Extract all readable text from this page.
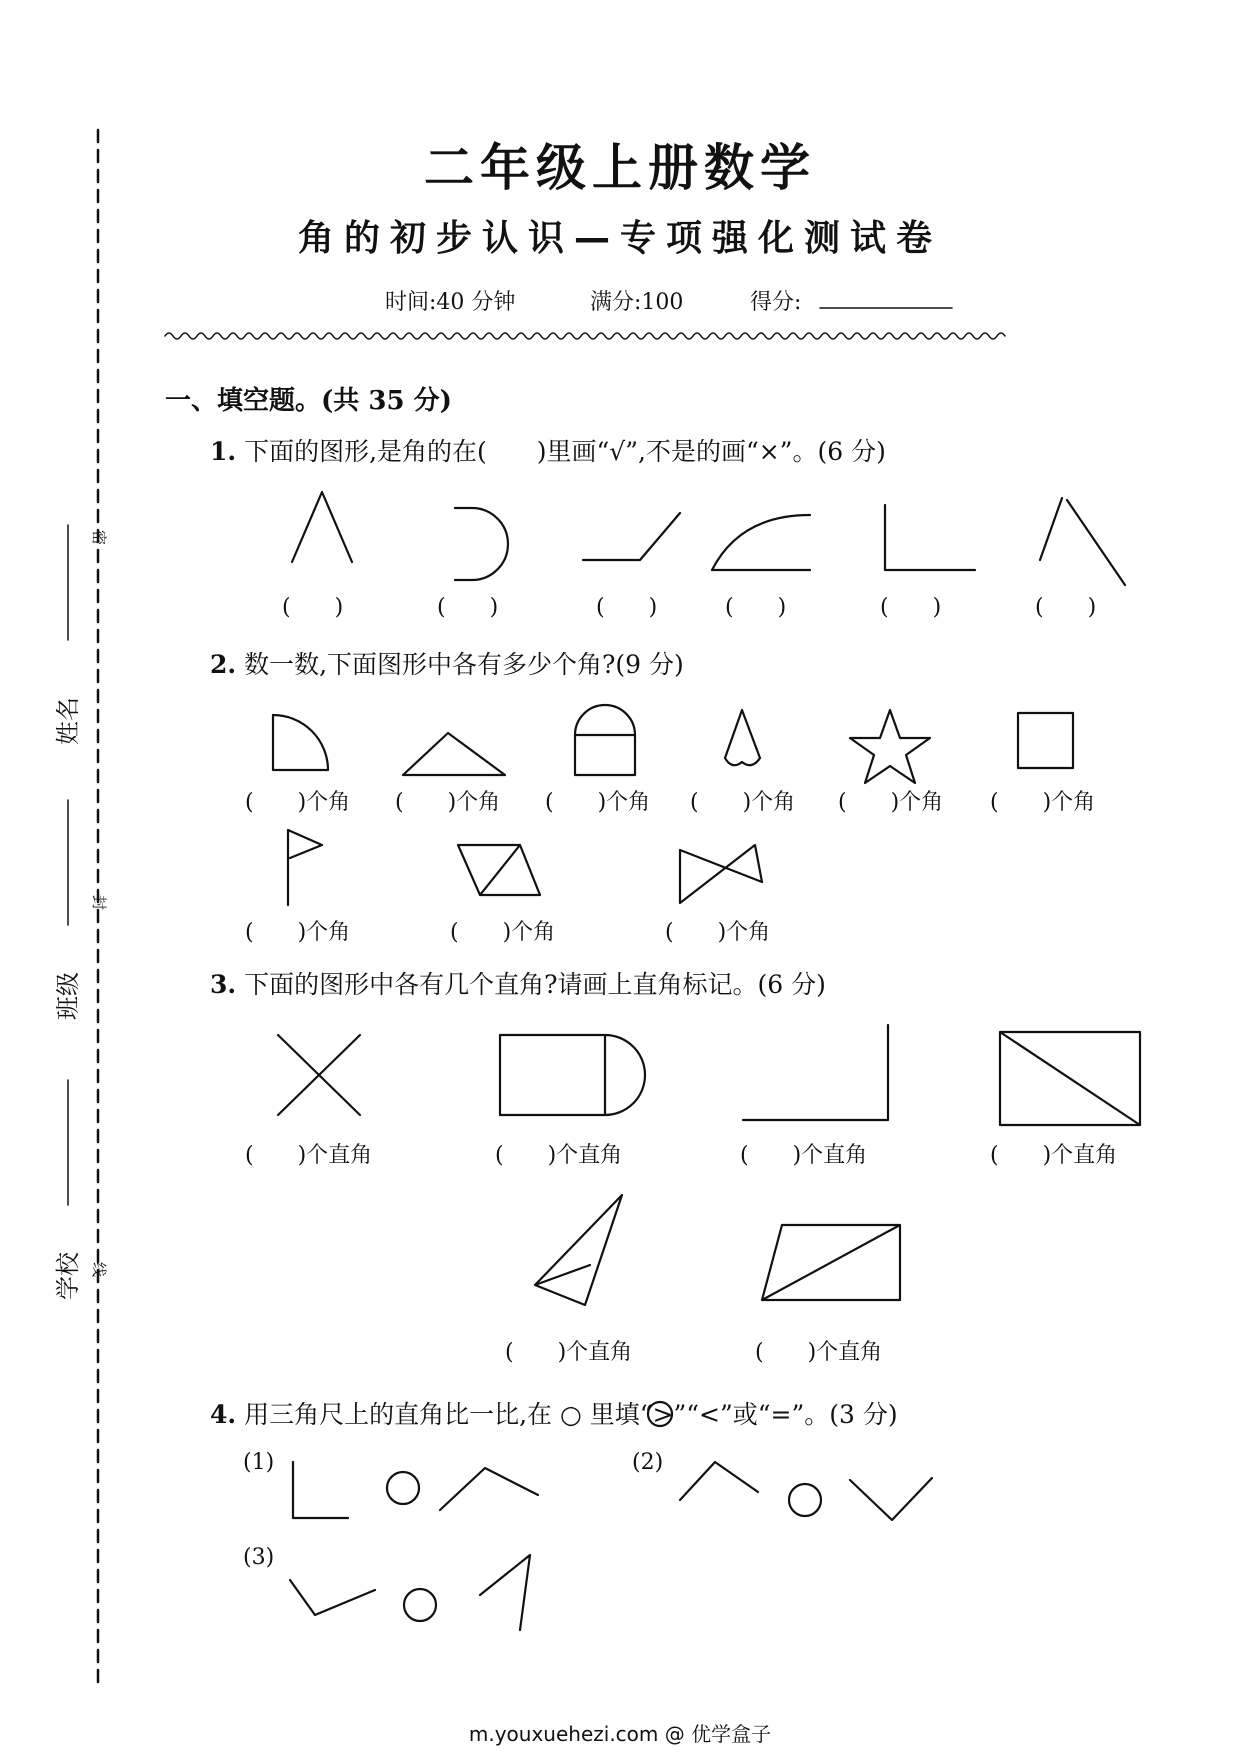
二年级上册数学
角的初步认识—专项强化测试卷
时间:40 分钟	满分:100	得分:
姓名
班级
学校
密
封
线
一、填空题。(共 35 分)
1. 下面的图形,是角的在(　　)里画“√”,不是的画“×”。(6 分)
(　　)	(　　)	(　　)	(　　)	(　　)	(　　)
2. 数一数,下面图形中各有多少个角?(9 分)
(　　)个角 (　　)个角 (　　)个角 (　　)个角 (　　)个角 (　　)个角
(　　)个角	(　　)个角	(　　)个角
3. 下面的图形中各有几个直角?请画上直角标记。(6 分)
(　　)个直角	(　　)个直角	(　　)个直角	(　　)个直角
(　　)个直角	(　　)个直角
4. 用三角尺上的直角比一比,在 ○ 里填“>”“<”或“=”。(3 分)
(1)	(2)
(3)
m.youxuehezi.com @ 优学盒子
